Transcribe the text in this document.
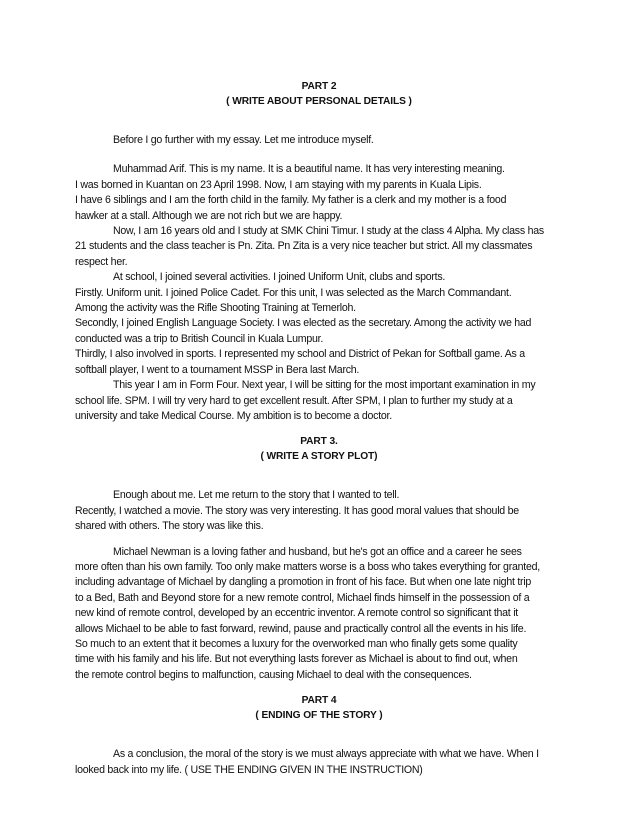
PART 2

( WRITE ABOUT PERSONAL DETAILS )

Before I go further with my essay. Let me introduce myself.

Muhammad Arif. This is my name. It is a beautiful name. It has very interesting meaning.

I was borned in Kuantan on 23 April 1998. Now, I am staying with my parents in Kuala Lipis.

I have 6 siblings and I am the forth child in the family. My father is a clerk and my mother is a food

hawker at a stall. Although we are not rich but we are happy.

Now, I am 16 years old and I study at SMK Chini Timur. I study at the class 4 Alpha. My class has

21 students and the class teacher is Pn. Zita. Pn Zita is a very nice teacher but strict. All my classmates

respect her.

At school, I joined several activities. I joined Uniform Unit, clubs and sports.

Firstly. Uniform unit. I joined Police Cadet. For this unit, I was selected as the March Commandant.

Among the activity was the Rifle Shooting Training at Temerloh.

Secondly, I joined English Language Society. I was elected as the secretary. Among the activity we had

conducted was a trip to British Council in Kuala Lumpur.

Thirdly, I also involved in sports. I represented my school and District of Pekan for Softball game. As a

softball player, I went to a tournament MSSP in Bera last March.

This year I am in Form Four. Next year, I will be sitting for the most important examination in my

school life. SPM. I will try very hard to get excellent result. After SPM, I plan to further my study at a

university and take Medical Course. My ambition is to become a doctor.

PART 3.

( WRITE A STORY PLOT)

Enough about me. Let me return to the story that I wanted to tell.

Recently, I watched a movie. The story was very interesting. It has good moral values that should be

shared with others. The story was like this.

Michael Newman is a loving father and husband, but he's got an office and a career he sees

more often than his own family. Too only make matters worse is a boss who takes everything for granted,

including advantage of Michael by dangling a promotion in front of his face. But when one late night trip

to a Bed, Bath and Beyond store for a new remote control, Michael finds himself in the possession of a

new kind of remote control, developed by an eccentric inventor. A remote control so significant that it

allows Michael to be able to fast forward, rewind, pause and practically control all the events in his life.

So much to an extent that it becomes a luxury for the overworked man who finally gets some quality

time with his family and his life. But not everything lasts forever as Michael is about to find out, when

the remote control begins to malfunction, causing Michael to deal with the consequences.

PART 4

( ENDING OF THE STORY )

As a conclusion, the moral of the story is we must always appreciate with what we have. When I

looked back into my life. ( USE THE ENDING GIVEN IN THE INSTRUCTION)
